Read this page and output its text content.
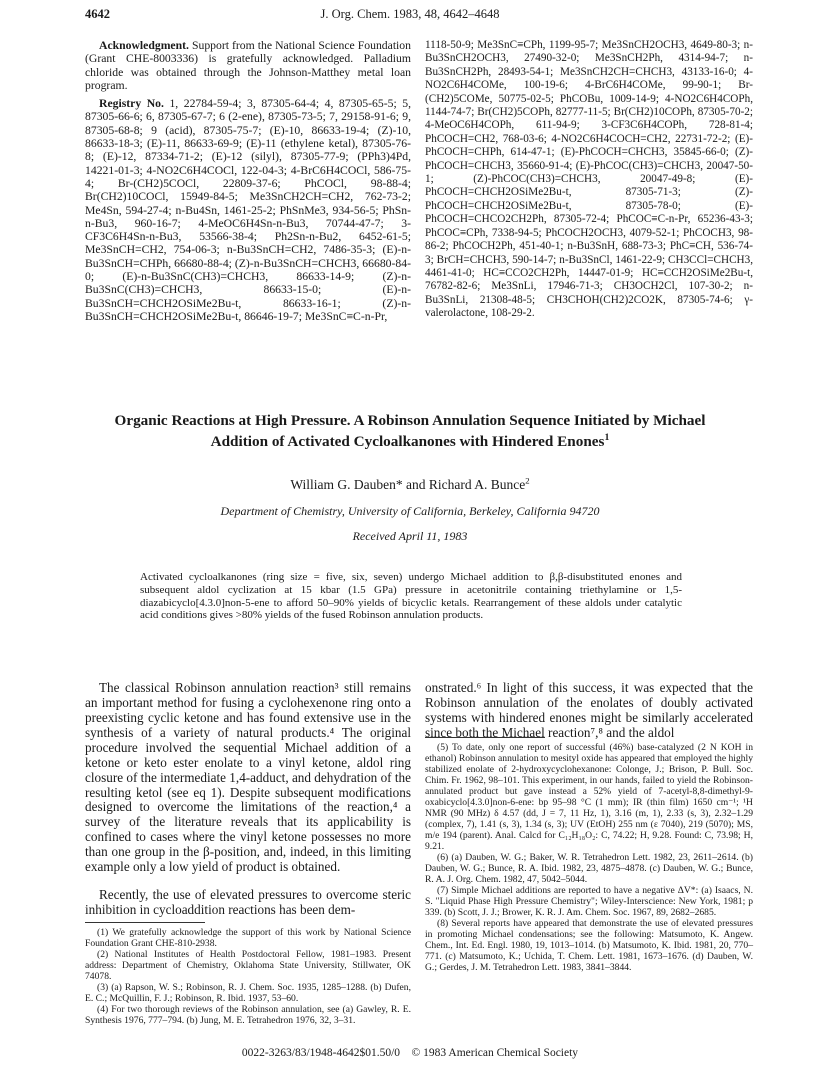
4642	J. Org. Chem. 1983, 48, 4642–4648

Acknowledgment. Support from the National Science Foundation (Grant CHE-8003336) is gratefully acknowledged. Palladium chloride was obtained through the Johnson-Matthey metal loan program.

Registry No. 1, 22784-59-4; 3, 87305-64-4; 4, 87305-65-5; 5, 87305-66-6; 6, 87305-67-7; 6 (2-ene), 87305-73-5; 7, 29158-91-6; 9, 87305-68-8; 9 (acid), 87305-75-7; (E)-10, 86633-19-4; (Z)-10, 86633-18-3; (E)-11, 86633-69-9; (E)-11 (ethylene ketal), 87305-76-8; (E)-12, 87334-71-2; (E)-12 (silyl), 87305-77-9; (PPh3)4Pd, 14221-01-3; 4-NO2C6H4COCl, 122-04-3; 4-BrC6H4COCl, 586-75-4; Br-(CH2)5COCl, 22809-37-6; PhCOCl, 98-88-4; Br(CH2)10COCl, 15949-84-5; Me3SnCH2CH=CH2, 762-73-2; Me4Sn, 594-27-4; n-Bu4Sn, 1461-25-2; PhSnMe3, 934-56-5; PhSn-n-Bu3, 960-16-7; 4-MeOC6H4Sn-n-Bu3, 70744-47-7; 3-CF3C6H4Sn-n-Bu3, 53566-38-4; Ph2Sn-n-Bu2, 6452-61-5; Me3SnCH=CH2, 754-06-3; n-Bu3SnCH=CH2, 7486-35-3; (E)-n-Bu3SnCH=CHPh, 66680-88-4; (Z)-n-Bu3SnCH=CHCH3, 66680-84-0; (E)-n-Bu3SnC(CH3)=CHCH3, 86633-14-9; (Z)-n-Bu3SnC(CH3)=CHCH3, 86633-15-0; (E)-n-Bu3SnCH=CHCH2OSiMe2Bu-t, 86633-16-1; (Z)-n-Bu3SnCH=CHCH2OSiMe2Bu-t, 86646-19-7; Me3SnC≡C-n-Pr,

1118-50-9; Me3SnC≡CPh, 1199-95-7; Me3SnCH2OCH3, 4649-80-3; n-Bu3SnCH2OCH3, 27490-32-0; Me3SnCH2Ph, 4314-94-7; n-Bu3SnCH2Ph, 28493-54-1; Me3SnCH2CH=CHCH3, 43133-16-0; 4-NO2C6H4COMe, 100-19-6; 4-BrC6H4COMe, 99-90-1; Br-(CH2)5COMe, 50775-02-5; PhCOBu, 1009-14-9; 4-NO2C6H4COPh, 1144-74-7; Br(CH2)5COPh, 82777-11-5; Br(CH2)10COPh, 87305-70-2; 4-MeOC6H4COPh, 611-94-9; 3-CF3C6H4COPh, 728-81-4; PhCOCH=CH2, 768-03-6; 4-NO2C6H4COCH=CH2, 22731-72-2; (E)-PhCOCH=CHPh, 614-47-1; (E)-PhCOCH=CHCH3, 35845-66-0; (Z)-PhCOCH=CHCH3, 35660-91-4; (E)-PhCOC(CH3)=CHCH3, 20047-50-1; (Z)-PhCOC(CH3)=CHCH3, 20047-49-8; (E)-PhCOCH=CHCH2OSiMe2Bu-t, 87305-71-3; (Z)-PhCOCH=CHCH2OSiMe2Bu-t, 87305-78-0; (E)-PhCOCH=CHCO2CH2Ph, 87305-72-4; PhCOC≡C-n-Pr, 65236-43-3; PhCOC≡CPh, 7338-94-5; PhCOCH2OCH3, 4079-52-1; PhCOCH3, 98-86-2; PhCOCH2Ph, 451-40-1; n-Bu3SnH, 688-73-3; PhC≡CH, 536-74-3; BrCH=CHCH3, 590-14-7; n-Bu3SnCl, 1461-22-9; CH3CCl=CHCH3, 4461-41-0; HC≡CCO2CH2Ph, 14447-01-9; HC≡CCH2OSiMe2Bu-t, 76782-82-6; Me3SnLi, 17946-71-3; CH3OCH2Cl, 107-30-2; n-Bu3SnLi, 21308-48-5; CH3CHOH(CH2)2CO2K, 87305-74-6; γ-valerolactone, 108-29-2.

Organic Reactions at High Pressure. A Robinson Annulation Sequence Initiated by Michael Addition of Activated Cycloalkanones with Hindered Enones$^1$
William G. Dauben* and Richard A. Bunce$^2$
Department of Chemistry, University of California, Berkeley, California 94720
Received April 11, 1983
Activated cycloalkanones (ring size = five, six, seven) undergo Michael addition to β,β-disubstituted enones and subsequent aldol cyclization at 15 kbar (1.5 GPa) pressure in acetonitrile containing triethylamine or 1,5-diazabicyclo[4.3.0]non-5-ene to afford 50–90% yields of bicyclic ketals. Rearrangement of these aldols under catalytic acid conditions gives >80% yields of the fused Robinson annulation products.

The classical Robinson annulation reaction³ still remains an important method for fusing a cyclohexenone ring onto a preexisting cyclic ketone and has found extensive use in the synthesis of a variety of natural products.⁴ The original procedure involved the sequential Michael addition of a ketone or keto ester enolate to a vinyl ketone, aldol ring closure of the intermediate 1,4-adduct, and dehydration of the resulting ketol (see eq 1). Despite subsequent modifications designed to overcome the limitations of the reaction,⁴ a survey of the literature reveals that its applicability is confined to cases where the vinyl ketone possesses no more than one group in the β-position, and, indeed, in this limiting example only a low yield of product is obtained.

Recently, the use of elevated pressures to overcome steric inhibition in cycloaddition reactions has been dem-

onstrated.⁶ In light of this success, it was expected that the Robinson annulation of the enolates of doubly activated systems with hindered enones might be similarly accelerated since both the Michael reaction⁷,⁸ and the aldol

(1) We gratefully acknowledge the support of this work by National Science Foundation Grant CHE-810-2938.

(2) National Institutes of Health Postdoctoral Fellow, 1981–1983. Present address: Department of Chemistry, Oklahoma State University, Stillwater, OK 74078.

(3) (a) Rapson, W. S.; Robinson, R. J. Chem. Soc. 1935, 1285–1288. (b) Dufen, E. C.; McQuillin, F. J.; Robinson, R. Ibid. 1937, 53–60.

(4) For two thorough reviews of the Robinson annulation, see (a) Gawley, R. E. Synthesis 1976, 777–794. (b) Jung, M. E. Tetrahedron 1976, 32, 3–31.

(5) To date, only one report of successful (46%) base-catalyzed (2 N KOH in ethanol) Robinson annulation to mesityl oxide has appeared that employed the highly stabilized enolate of 2-hydroxycyclohexanone: Colonge, J.; Brison, P. Bull. Soc. Chim. Fr. 1962, 98–101. This experiment, in our hands, failed to yield the Robinson-annulated product but gave instead a 52% yield of 7-acetyl-8,8-dimethyl-9-oxabicyclo[4.3.0]non-6-ene: bp 95–98 °C (1 mm); IR (thin film) 1650 cm⁻¹; ¹H NMR (90 MHz) δ 4.57 (dd, J = 7, 11 Hz, 1), 3.16 (m, 1), 2.33 (s, 3), 2.32–1.29 (complex, 7), 1.41 (s, 3), 1.34 (s, 3); UV (EtOH) 255 nm (ε 7040), 219 (5070); MS, m/e 194 (parent). Anal. Calcd for C₁₂H₁₈O₂: C, 74.22; H, 9.28. Found: C, 73.98; H, 9.21.

(6) (a) Dauben, W. G.; Baker, W. R. Tetrahedron Lett. 1982, 23, 2611–2614. (b) Dauben, W. G.; Bunce, R. A. Ibid. 1982, 23, 4875–4878. (c) Dauben, W. G.; Bunce, R. A. J. Org. Chem. 1982, 47, 5042–5044.

(7) Simple Michael additions are reported to have a negative ΔV*: (a) Isaacs, N. S. "Liquid Phase High Pressure Chemistry"; Wiley-Interscience: New York, 1981; p 339. (b) Scott, J. J.; Brower, K. R. J. Am. Chem. Soc. 1967, 89, 2682–2685.

(8) Several reports have appeared that demonstrate the use of elevated pressures in promoting Michael condensations; see the following: Matsumoto, K. Angew. Chem., Int. Ed. Engl. 1980, 19, 1013–1014. (b) Matsumoto, K. Ibid. 1981, 20, 770–771. (c) Matsumoto, K.; Uchida, T. Chem. Lett. 1981, 1673–1676. (d) Dauben, W. G.; Gerdes, J. M. Tetrahedron Lett. 1983, 3841–3844.

0022-3263/83/1948-4642$01.50/0 © 1983 American Chemical Society
